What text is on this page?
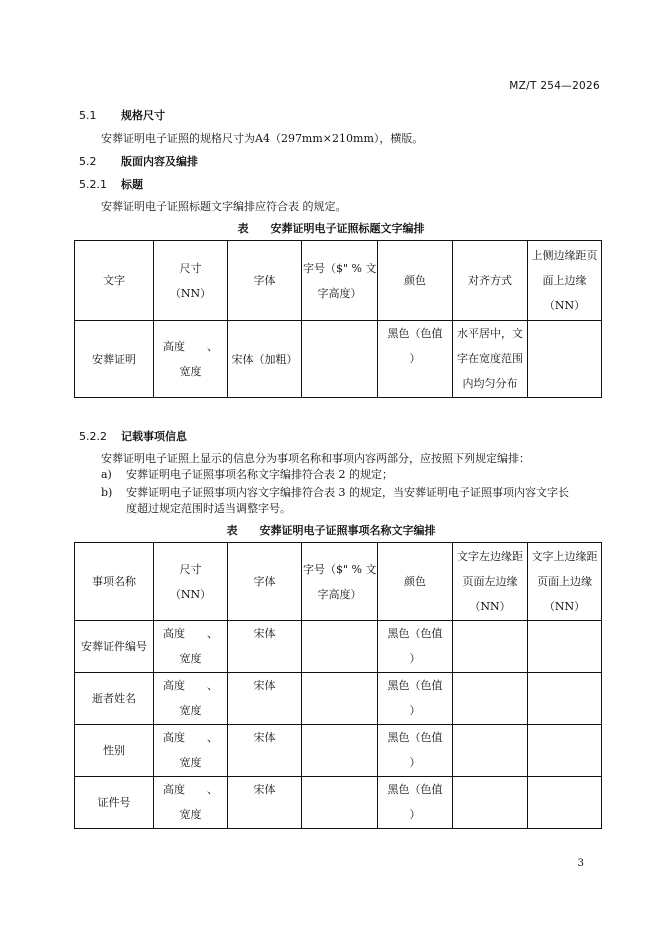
MZ/T 254—2026
5.1 规格尺寸
安葬证明电子证照的规格尺寸为A4（297mm×210mm），横版。
5.2 版面内容及编排
5.2.1 标题
安葬证明电子证照标题文字编排应符合表 的规定。
表 安葬证明电子证照标题文字编排
文字	尺寸
（NN）	字体	字号（$" % 文
字高度）	颜色	对齐方式	上侧边缘距页
面上边缘
（NN）

安葬证明	高度　　、
宽度	宋体（加粗）		黑色（色值
）	水平居中，文
字在宽度范围
内均匀分布	

5.2.2 记载事项信息
安葬证明电子证照上显示的信息分为事项名称和事项内容两部分，应按照下列规定编排：
a) 安葬证明电子证照事项名称文字编排符合表 2 的规定；
b) 安葬证明电子证照事项内容文字编排符合表 3 的规定，当安葬证明电子证照事项内容文字长
度超过规定范围时适当调整字号。
表 安葬证明电子证照事项名称文字编排
事项名称	尺寸
（NN）	字体	字号（$" % 文
字高度）	颜色	文字左边缘距
页面左边缘
（NN）	文字上边缘距
页面上边缘
（NN）

安葬证件编号	高度　　、
宽度	宋体		黑色（色值
）		

逝者姓名	高度　　、
宽度	宋体		黑色（色值
）		

性别	高度　　、
宽度	宋体		黑色（色值
）		

证件号	高度　　、
宽度	宋体		黑色（色值
）		

3
